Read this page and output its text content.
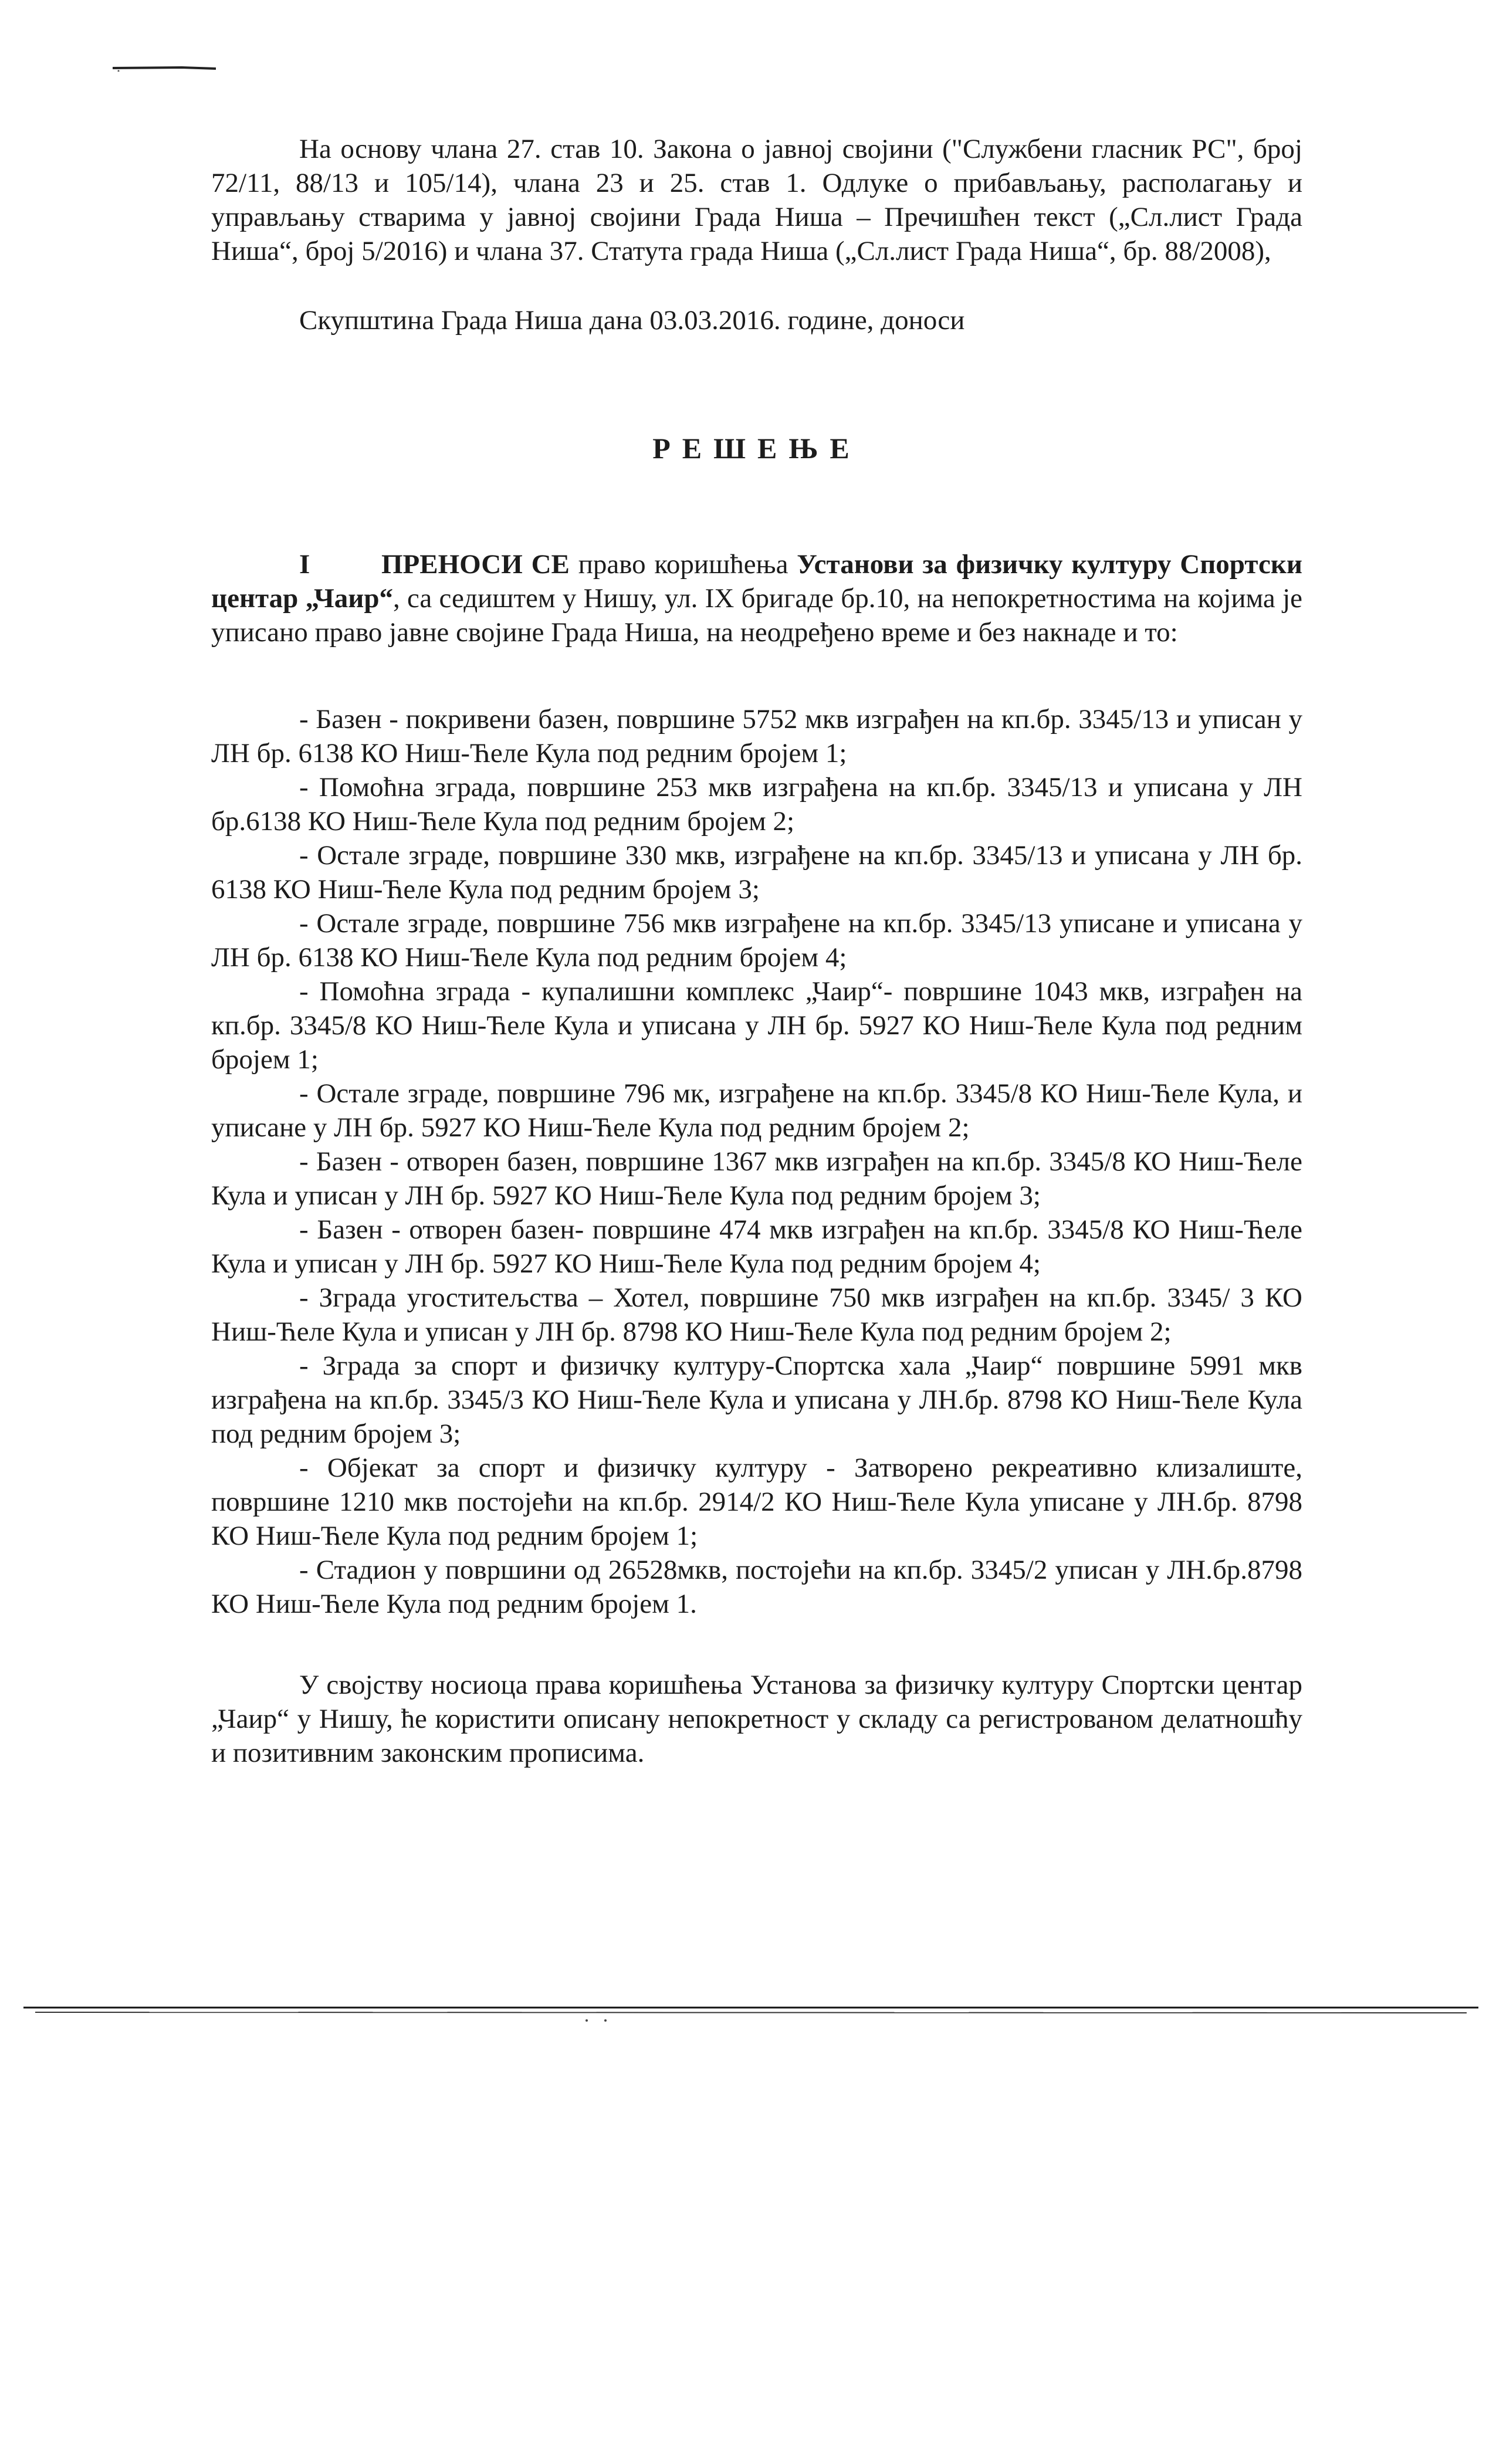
На основу члана 27. став 10. Закона о јавној својини ("Службени гласник РС", број 72/11, 88/13 и 105/14), члана 23 и 25. став 1. Одлуке о прибављању, располагању и управљању стварима у јавној својини Града Ниша – Пречишћен текст („Сл.лист Града Ниша“, број 5/2016) и члана 37. Статута града Ниша („Сл.лист Града Ниша“, бр. 88/2008),

Скупштина Града Ниша дана 03.03.2016. године, доноси

РЕШЕЊЕ

I	ПРЕНОСИ СЕ право коришћења Установи за физичку културу Спортски центар „Чаир“, са седиштем у Нишу, ул. IX бригаде бр.10, на непокретностима на којима је уписано право јавне својине Града Ниша, на неодређено време и без накнаде и то:

- Базен - покривени базен, површине 5752 мкв изграђен на кп.бр. 3345/13 и уписан у ЛН бр. 6138 КО Ниш-Ћеле Кула под редним бројем 1;
- Помоћна зграда, површине 253 мкв изграђена на кп.бр. 3345/13 и уписана у ЛН бр.6138 КО Ниш-Ћеле Кула под редним бројем 2;
- Остале зграде, површине 330 мкв, изграђене на кп.бр. 3345/13 и уписана у ЛН бр. 6138 КО Ниш-Ћеле Кула под редним бројем 3;
- Остале зграде, површине 756 мкв изграђене на кп.бр. 3345/13 уписане и уписана у ЛН бр. 6138 КО Ниш-Ћеле Кула под редним бројем 4;
- Помоћна зграда - купалишни комплекс „Чаир“- површине 1043 мкв, изграђен на кп.бр. 3345/8 КО Ниш-Ћеле Кула и уписана у ЛН бр. 5927 КО Ниш-Ћеле Кула под редним бројем 1;
- Остале зграде, површине 796 мк, изграђене на кп.бр. 3345/8 КО Ниш-Ћеле Кула, и уписане у ЛН бр. 5927 КО Ниш-Ћеле Кула под редним бројем 2;
- Базен - отворен базен, површине 1367 мкв изграђен на кп.бр. 3345/8 КО Ниш-Ћеле Кула и уписан у ЛН бр. 5927 КО Ниш-Ћеле Кула под редним бројем 3;
- Базен - отворен базен- површине 474 мкв изграђен на кп.бр. 3345/8 КО Ниш-Ћеле Кула и уписан у ЛН бр. 5927 КО Ниш-Ћеле Кула под редним бројем 4;
- Зграда угоститељства – Хотел, површине 750 мкв изграђен на кп.бр. 3345/ 3 КО Ниш-Ћеле Кула и уписан у ЛН бр. 8798 КО Ниш-Ћеле Кула под редним бројем 2;
- Зграда за спорт и физичку културу-Спортска хала „Чаир“ површине 5991 мкв изграђена на кп.бр. 3345/3 КО Ниш-Ћеле Кула и уписана у ЛН.бр. 8798 КО Ниш-Ћеле Кула под редним бројем 3;
- Објекат за спорт и физичку културу - Затворено рекреативно клизалиште, површине 1210 мкв постојећи на кп.бр. 2914/2 КО Ниш-Ћеле Кула уписане у ЛН.бр. 8798 КО Ниш-Ћеле Кула под редним бројем 1;
- Стадион у површини од 26528мкв, постојећи на кп.бр. 3345/2 уписан у ЛН.бр.8798 КО Ниш-Ћеле Кула под редним бројем 1.

У својству носиоца права коришћења Установа за физичку културу Спортски центар „Чаир“ у Нишу, ће користити описану непокретност у складу са регистрованом делатношћу и позитивним законским прописима.
